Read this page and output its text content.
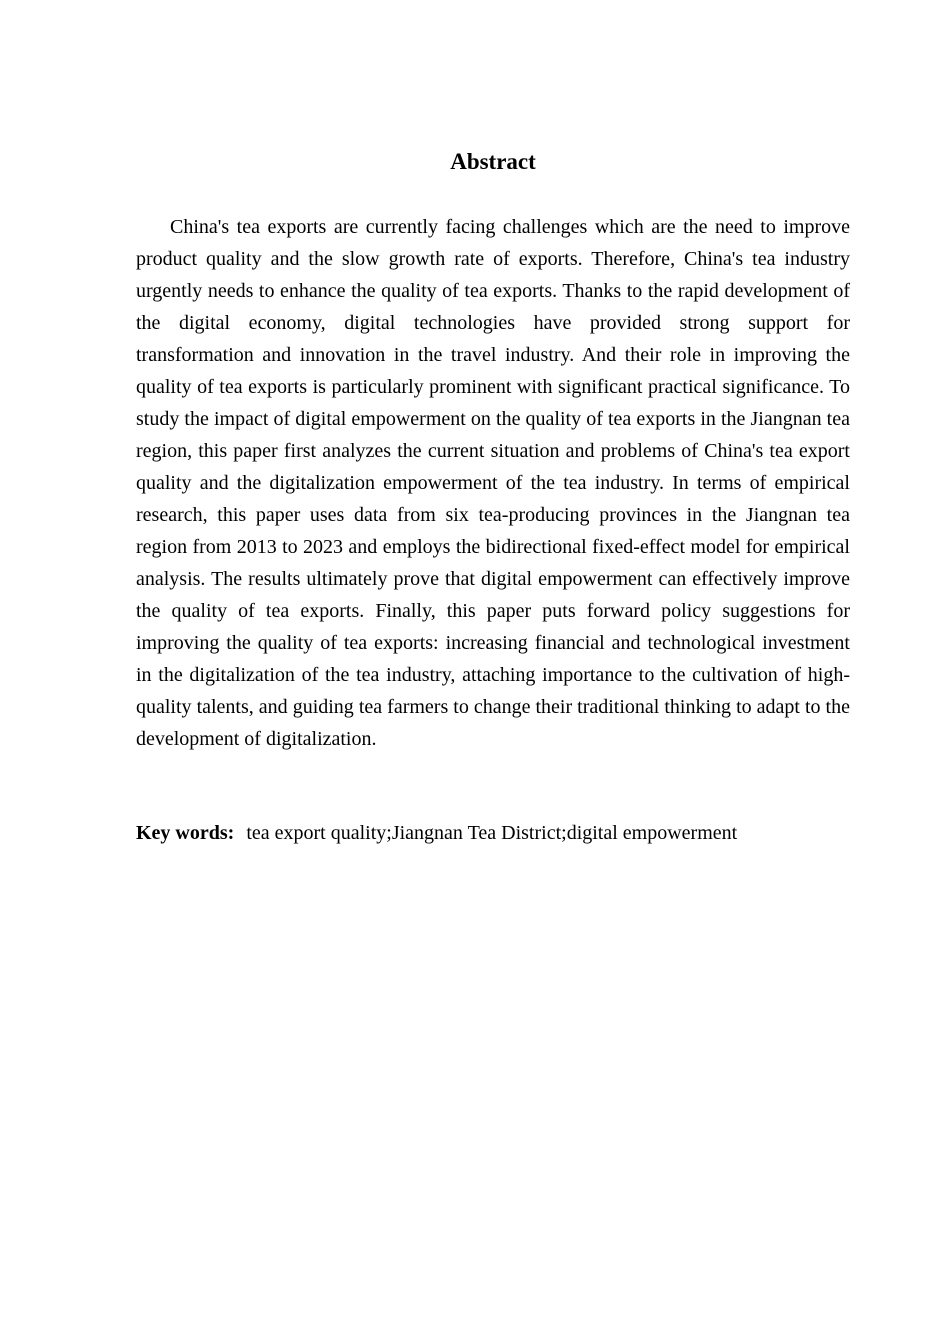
Abstract

China's tea exports are currently facing challenges which are the need to improve product quality and the slow growth rate of exports. Therefore, China's tea industry urgently needs to enhance the quality of tea exports. Thanks to the rapid development of the digital economy, digital technologies have provided strong support for transformation and innovation in the travel industry. And their role in improving the quality of tea exports is particularly prominent with significant practical significance. To study the impact of digital empowerment on the quality of tea exports in the Jiangnan tea region, this paper first analyzes the current situation and problems of China's tea export quality and the digitalization empowerment of the tea industry. In terms of empirical research, this paper uses data from six tea-producing provinces in the Jiangnan tea region from 2013 to 2023 and employs the bidirectional fixed-effect model for empirical analysis. The results ultimately prove that digital empowerment can effectively improve the quality of tea exports. Finally, this paper puts forward policy suggestions for improving the quality of tea exports: increasing financial and technological investment in the digitalization of the tea industry, attaching importance to the cultivation of high-quality talents, and guiding tea farmers to change their traditional thinking to adapt to the development of digitalization.

Key words: tea export quality;Jiangnan Tea District;digital empowerment
